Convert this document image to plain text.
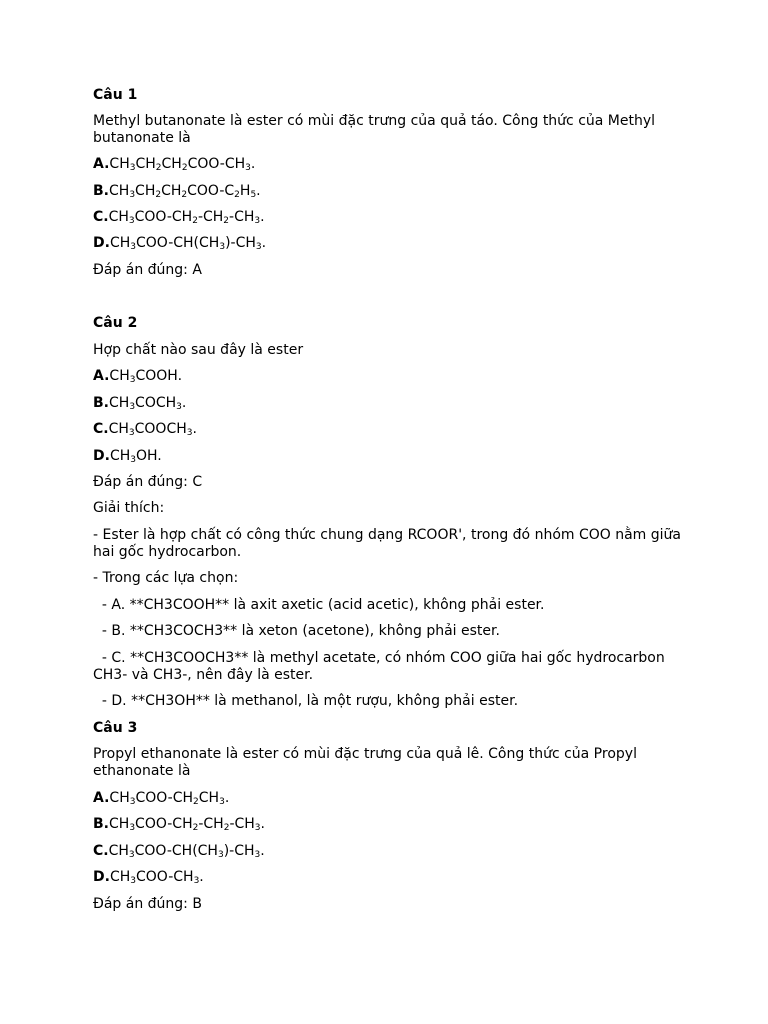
Câu 1
Methyl butanonate là ester có mùi đặc trưng của quả táo. Công thức của Methyl butanonate là
$A.CH_3CH_2CH_2COO-CH_3$.
$B.CH_3CH_2CH_2COO-C_2H_5$.
$C.CH_3COO-CH_2-CH_2-CH_3$.
$D.CH_3COO-CH(CH_3)-CH_3$.
Đáp án đúng: A
Câu 2
Hợp chất nào sau đây là ester
$A.CH_3COOH$.
$B.CH_3COCH_3$.
$C.CH_3COOCH_3$.
$D.CH_3OH$.
Đáp án đúng: C
Giải thích:
- Ester là hợp chất có công thức chung dạng RCOOR', trong đó nhóm COO nằm giữa hai gốc hydrocarbon.
- Trong các lựa chọn:
- A. **CH3COOH** là axit axetic (acid acetic), không phải ester.
- B. **CH3COCH3** là xeton (acetone), không phải ester.
- C. **CH3COOCH3** là methyl acetate, có nhóm COO giữa hai gốc hydrocarbon CH3- và CH3-, nên đây là ester.
- D. **CH3OH** là methanol, là một rượu, không phải ester.
Câu 3
Propyl ethanonate là ester có mùi đặc trưng của quả lê. Công thức của Propyl ethanonate là
$A.CH_3COO-CH_2CH_3$.
$B.CH_3COO-CH_2-CH_2-CH_3$.
$C.CH_3COO-CH(CH_3)-CH_3$.
$D.CH_3COO-CH_3$.
Đáp án đúng: B
